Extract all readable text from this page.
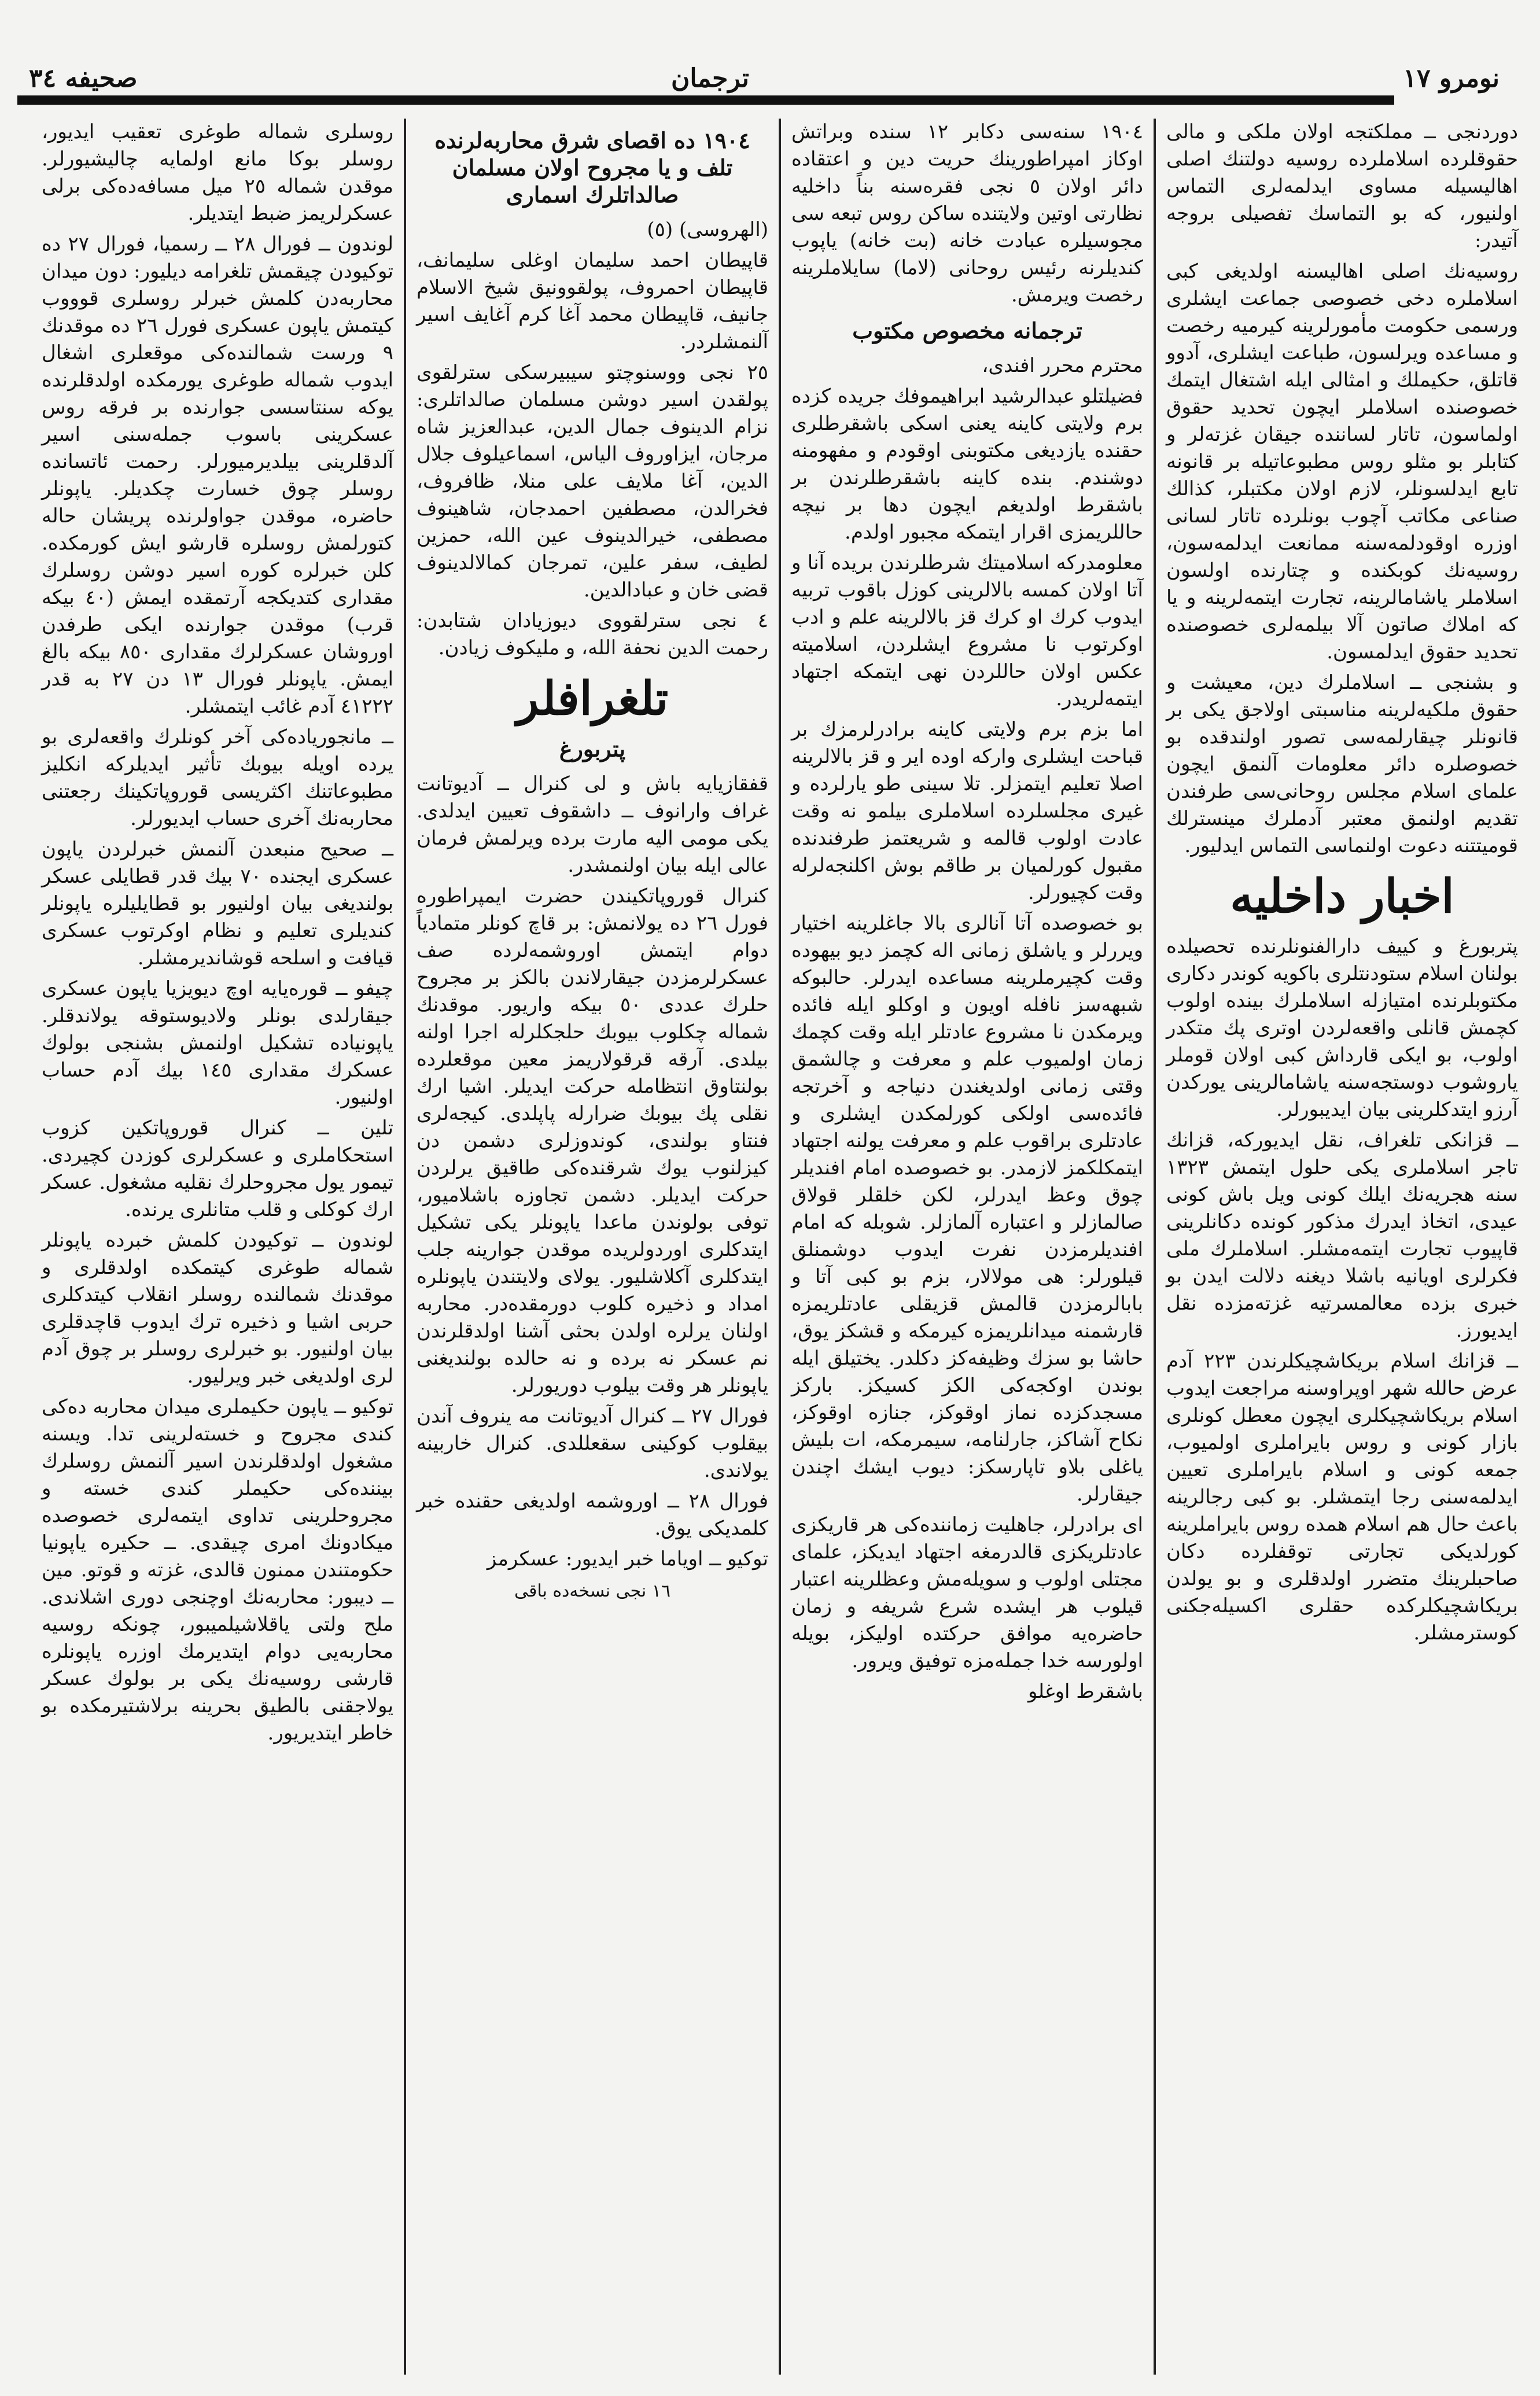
صحیفه ۳٤	ترجمان	نومرو ۱۷

دوردنجی ــ مملکتجه اولان ملکی و مالی حقوقلرده اسلاملرده روسیه دولتنك اصلی اهالیسیله مساوی ایدلمه‌لری التماس اولنیور، که بو التماسك تفصیلی بروجه آتیدر:

روسیه‌نك اصلی اهالیسنه اولدیغی کبی اسلاملره دخی خصوصی جماعت ایشلری ورسمی حکومت مأمورلرینه کیرمیه رخصت و مساعده ویرلسون، طباعت ایشلری، آدوو قاتلق، حکیملك و امثالی ایله اشتغال ایتمك خصوصنده اسلاملر ایچون تحدید حقوق اولماسون، تاتار لساننده جیقان غزته‌لر و کتابلر بو مثلو روس مطبوعاتیله بر قانونه تابع ایدلسونلر، لازم اولان مکتبلر، کذالك صناعی مکاتب آچوب بونلرده تاتار لسانی اوزره اوقودلمه‌سنه ممانعت ایدلمه‌سون، روسیه‌نك کوبکنده و چتارنده اولسون اسلاملر یاشامالرینه، تجارت ایتمه‌لرینه و یا که املاك صاتون آلا بیلمه‌لری خصوصنده تحدید حقوق ایدلمسون.

و بشنجی ــ اسلاملرك دین، معیشت و حقوق ملکیه‌لرینه مناسبتی اولاجق یکی بر قانونلر چیقارلمه‌سی تصور اولندقده بو خصوصلره دائر معلومات آلنمق ایچون علمای اسلام مجلس روحانی‌سی طرفندن تقدیم اولنمق معتبر آدملرك مینسترلك قومیتتنه دعوت اولنماسی التماس ایدلیور.

اخبار داخلیه

پتربورغ و کییف دارالفنونلرنده تحصیلده بولنان اسلام ستودنتلری باکویه کوندر دکاری مکتوبلرنده امتیازله اسلاملرك بینده اولوب کچمش قانلی واقعه‌لردن اوتری پك متکدر اولوب، بو ایکی قارداش کبی اولان قوملر یاروشوب دوستجه‌سنه یاشامالرینی یورکدن آرزو ایتدکلرینی بیان ایدیبورلر.

ــ قزانکی تلغراف، نقل ایدیورکه، قزانك تاجر اسلاملری یکی حلول ایتمش ۱۳۲۳ سنه هجریه‌نك ایلك کونی ویل باش کونی عیدی، اتخاذ ایدرك مذکور کونده دکانلرینی قاپیوب تجارت ایتمه‌مشلر. اسلاملرك ملی فکرلری اویانیه باشلا دیغنه دلالت ایدن بو خبری بزده معالمسرتیه غزته‌مزده نقل ایدیورز.

ــ قزانك اسلام بریکاشچیکلرندن ۲۲۳ آدم عرض حالله شهر اوپراوسنه مراجعت ایدوب اسلام بریکاشچیکلری ایچون معطل کونلری بازار کونی و روس بایراملری اولمیوب، جمعه کونی و اسلام بایراملری تعیین ایدلمه‌سنی رجا ایتمشلر. بو کبی رجالرینه باعث حال هم اسلام همده روس بایراملرینه کورلدیکی تجارتی توقفلرده دکان صاحبلرینك متضرر اولدقلری و بو یولدن بریکاشچیکلرکده حقلری اکسیله‌جکنی کوسترمشلر.

۱۹۰٤ سنه‌سی دکابر ۱۲ سنده وبراتش اوکاز امپراطورینك حریت دین و اعتقاده دائر اولان ٥ نجی فقره‌سنه بناً داخلیه نظارتی اوتین ولایتنده ساکن روس تبعه سی مجوسیلره عبادت خانه (بت خانه) یاپوب کندیلرنه رئیس روحانی (لاما) سایلاملرینه رخصت ویرمش.

ترجمانه مخصوص مکتوب

محترم محرر افندی،

فضیلتلو عبدالرشید ابراهیموفك جریده کزده برم ولایتی کاینه یعنی اسکی باشقرطلری حقنده یازدیغی مکتوبنی اوقودم و مفهومنه دوشندم. بنده کاینه باشقرطلرندن بر باشقرط اولدیغم ایچون دها بر نیچه حاللریمزی اقرار ایتمکه مجبور اولدم.

معلومدرکه اسلامیتك شرطلرندن بریده آنا و آتا اولان کمسه بالالرینی کوزل باقوب تربیه ایدوب کرك او کرك قز بالالرینه علم و ادب اوکرتوب نا مشروع ایشلردن، اسلامیته عکس اولان حاللردن نهی ایتمکه اجتهاد ایتمه‌لریدر.

اما بزم برم ولایتی کاینه برادرلرمزك بر قباحت ایشلری وارکه اوده ایر و قز بالالرینه اصلا تعلیم ایتمزلر. تلا سینی طو یارلرده و غیری مجلسلرده اسلاملری بیلمو نه وقت عادت اولوب قالمه و شریعتمز طرفندنده مقبول کورلمیان بر طاقم بوش اکلنجه‌لرله وقت کچیورلر.

بو خصوصده آتا آنالری بالا جاغلرینه اختیار ویررلر و یاشلق زمانی اله کچمز دیو بیهوده وقت کچیرملرینه مساعده ایدرلر. حالبوکه شبهه‌سز نافله اویون و اوکلو ایله فائده ویرمکدن نا مشروع عادتلر ایله وقت کچمك زمان اولمیوب علم و معرفت و چالشمق وقتی زمانی اولدیغندن دنیاجه و آخرتجه فائده‌سی اولکی کورلمکدن ایشلری و عادتلری براقوب علم و معرفت یولنه اجتهاد ایتمکلکمز لازمدر. بو خصوصده امام افندیلر چوق وعظ ایدرلر، لکن خلقلر قولاق صالمازلر و اعتباره آلمازلر. شوبله که امام افندیلرمزدن نفرت ایدوب دوشمنلق قیلورلر: هی مولالار، بزم بو کبی آتا و بابالرمزدن قالمش قزیقلی عادتلریمزه قارشمنه میدانلریمزه کیرمکه و قشکز یوق، حاشا بو سزك وظیفه‌کز دکلدر. یختیلق ایله بوندن اوکجه‌کی الکز کسیکز. بارکز مسجدکزده نماز اوقوکز، جنازه اوقوکز، نکاح آشاکز، جارلنامه، سیمرمکه، ات بلیش یاغلی بلاو تاپارسکز: دیوب ایشك اچندن جیقارلر.

ای برادرلر، جاهلیت زماننده‌کی هر قاریکزی عادتلریکزی قالدرمغه اجتهاد ایدیکز، علمای مجتلی اولوب و سویله‌مش وعظلرینه اعتبار قیلوب هر ایشده شرع شریفه و زمان حاضره‌یه موافق حرکتده اولیکز، بویله اولورسه خدا جمله‌مزه توفیق ویرور.

باشقرط اوغلو

۱۹۰٤ ده اقصای شرق محاربه‌لرنده تلف و یا مجروح اولان مسلمان صالداتلرك اسماری

(الهروسی) (٥)

قاپیطان احمد سلیمان اوغلی سلیمانف، قاپیطان احمروف، پولقوونیق شیخ الاسلام جانیف، قاپیطان محمد آغا کرم آغایف اسیر آلنمشلردر.

۲٥ نجی ووسنوچتو سیبیرسکی سترلقوی پولقدن اسیر دوشن مسلمان صالداتلری: نزام الدینوف جمال الدین، عبدالعزیز شاه مرجان، ایزاوروف الیاس، اسماعیلوف جلال الدین، آغا ملایف علی منلا، ظافروف، فخرالدن، مصطفین احمدجان، شاهینوف مصطفی، خیرالدینوف عین الله، حمزین لطیف، سفر علین، تمرجان کمالالدینوف قضی خان و عبادالدین.

٤ نجی سترلقووی دیوزیادان شتابدن: رحمت الدین نحفة الله، و ملیکوف زیادن.

تلغرافلر
پتربورغ

قفقازیایه باش و لی کنرال ــ آدیوتانت غراف وارانوف ــ داشقوف تعیین ایدلدی. یکی مومی الیه مارت برده ویرلمش فرمان عالی ایله بیان اولنمشدر.

کنرال قوروپاتکیندن حضرت ایمپراطوره فورل ۲٦ ده یولانمش: بر قاچ کونلر متمادیاً دوام ایتمش اوروشمه‌لرده صف عسکرلرمزدن جیقارلاندن بالکز بر مجروح حلرك عددی ٥٠ بیکه واریور. موقدنك شماله چکلوب بیوبك حلجکلرله اجرا اولنه بیلدی. آرقه قرقولاریمز معین موقعلرده بولنتاوق انتظامله حرکت ایدیلر. اشیا ارك نقلی پك بیوبك ضرارله پاپلدی. کیجه‌لری فنتاو بولندی، کوندوزلری دشمن دن کیزلنوب یوك شرقنده‌کی طاقیق یرلردن حرکت ایدیلر. دشمن تجاوزه باشلامیور، توفی بولوندن ماعدا یاپونلر یکی تشکیل ایتدکلری اوردولریده موقدن جوارینه جلب ایتدکلری آکلاشلیور. یولای ولایتندن یاپونلره امداد و ذخیره کلوب دورمقده‌در. محاربه اولنان یرلره اولدن بحثی آشنا اولدقلرندن نم عسکر نه برده و نه حالده بولندیغنی یاپونلر هر وقت بیلوب دوریورلر.

فورال ۲۷ ــ کنرال آدیوتانت مه ینروف آندن بیقلوب کوکینی سقعللدی. کنرال خاربینه یولاندی.

فورال ۲۸ ــ اوروشمه اولدیغی حقنده خبر کلمدیکی یوق.

توکیو ــ اویاما خبر ایدیور: عسکرمز

۱٦ نجی نسخه‌ده باقی

روسلری شماله طوغری تعقیب ایدیور، روسلر بوکا مانع اولمایه چالیشیورلر. موقدن شماله ۲٥ میل مسافه‌ده‌کی برلی عسکرلریمز ضبط ایتدیلر.

لوندون ــ فورال ۲۸ ــ رسمیا، فورال ۲۷ ده توکیودن چیقمش تلغرامه دیلیور: دون میدان محاربه‌دن کلمش خبرلر روسلری قوووب کیتمش یاپون عسکری فورل ۲٦ ده موقدنك ۹ ورست شمالنده‌کی موقعلری اشغال ایدوب شماله طوغری یورمکده اولدقلرنده یوکه سنتاسسی جوارنده بر فرقه روس عسکرینی باسوب جمله‌سنی اسیر آلدقلرینی بیلدیرمیورلر. رحمت ئاتسانده روسلر چوق خسارت چکدیلر. یاپونلر حاضره، موقدن جواولرنده پریشان حاله کتورلمش روسلره قارشو ایش کورمکده. کلن خبرلره کوره اسیر دوشن روسلرك مقداری کتدیکجه آرتمقده ایمش (٤٠ بیکه قرب) موقدن جوارنده ایکی طرفدن اوروشان عسکرلرك مقداری ۸٥٠ بیکه بالغ ایمش. یاپونلر فورال ۱۳ دن ۲۷ به قدر ٤١٢٢٢ آدم غائب ایتمشلر.

ــ مانجوریاده‌کی آخر کونلرك واقعه‌لری بو یرده اویله بیوبك تأثیر ایدیلرکه انکلیز مطبوعاتنك اکثریسی قوروپاتکینك رجعتنی محاربه‌نك آخری حساب ایدیورلر.

ــ صحیح منبعدن آلنمش خبرلردن یاپون عسکری ایجنده ۷٠ بیك قدر قطایلی عسکر بولندیغی بیان اولنیور بو قطایلیلره یاپونلر کندیلری تعلیم و نظام اوکرتوب عسکری قیافت و اسلحه قوشاندیرمشلر.

چیفو ــ قوره‌یایه اوچ دیویزیا یاپون عسکری جیقارلدی بونلر ولادیوستوقه یولاندقلر. یاپونیاده تشکیل اولنمش بشنجی بولوك عسکرك مقداری ۱٤٥ بیك آدم حساب اولنیور.

تلین ــ کنرال قوروپاتکین کزوب استحکاملری و عسکرلری کوزدن کچیردی. تیمور یول مجروحلرك نقلیه مشغول. عسکر ارك کوکلی و قلب متانلری یرنده.

لوندون ــ توکیودن کلمش خبرده یاپونلر شماله طوغری کیتمکده اولدقلری و موقدنك شمالنده روسلر انقلاب کیتدکلری حربی اشیا و ذخیره ترك ایدوب قاچدقلری بیان اولنیور. بو خبرلری روسلر بر چوق آدم لری اولدیغی خبر ویرلیور.

توکیو ــ یاپون حکیملری میدان محاربه ده‌کی کندی مجروح و خسته‌لرینی تدا. ویسنه مشغول اولدقلرندن اسیر آلنمش روسلرك بیننده‌کی حکیملر کندی خسته و مجروحلرینی تداوی ایتمه‌لری خصوصده میکادونك امری چیقدی. ــ حکیره یاپونیا حکومتندن ممنون قالدی، غزته و قوتو. مین ــ دیبور: محاربه‌نك اوچنجی دوری اشلاندی. ملح ولتی یاقلاشیلمیبور، چونکه روسیه محاربه‌یی دوام ایتدیرمك اوزره یاپونلره قارشی روسیه‌نك یکی بر بولوك عسکر یولاجقنی بالطیق بحرینه برلاشتیرمکده بو خاطر ایتدیریور.
